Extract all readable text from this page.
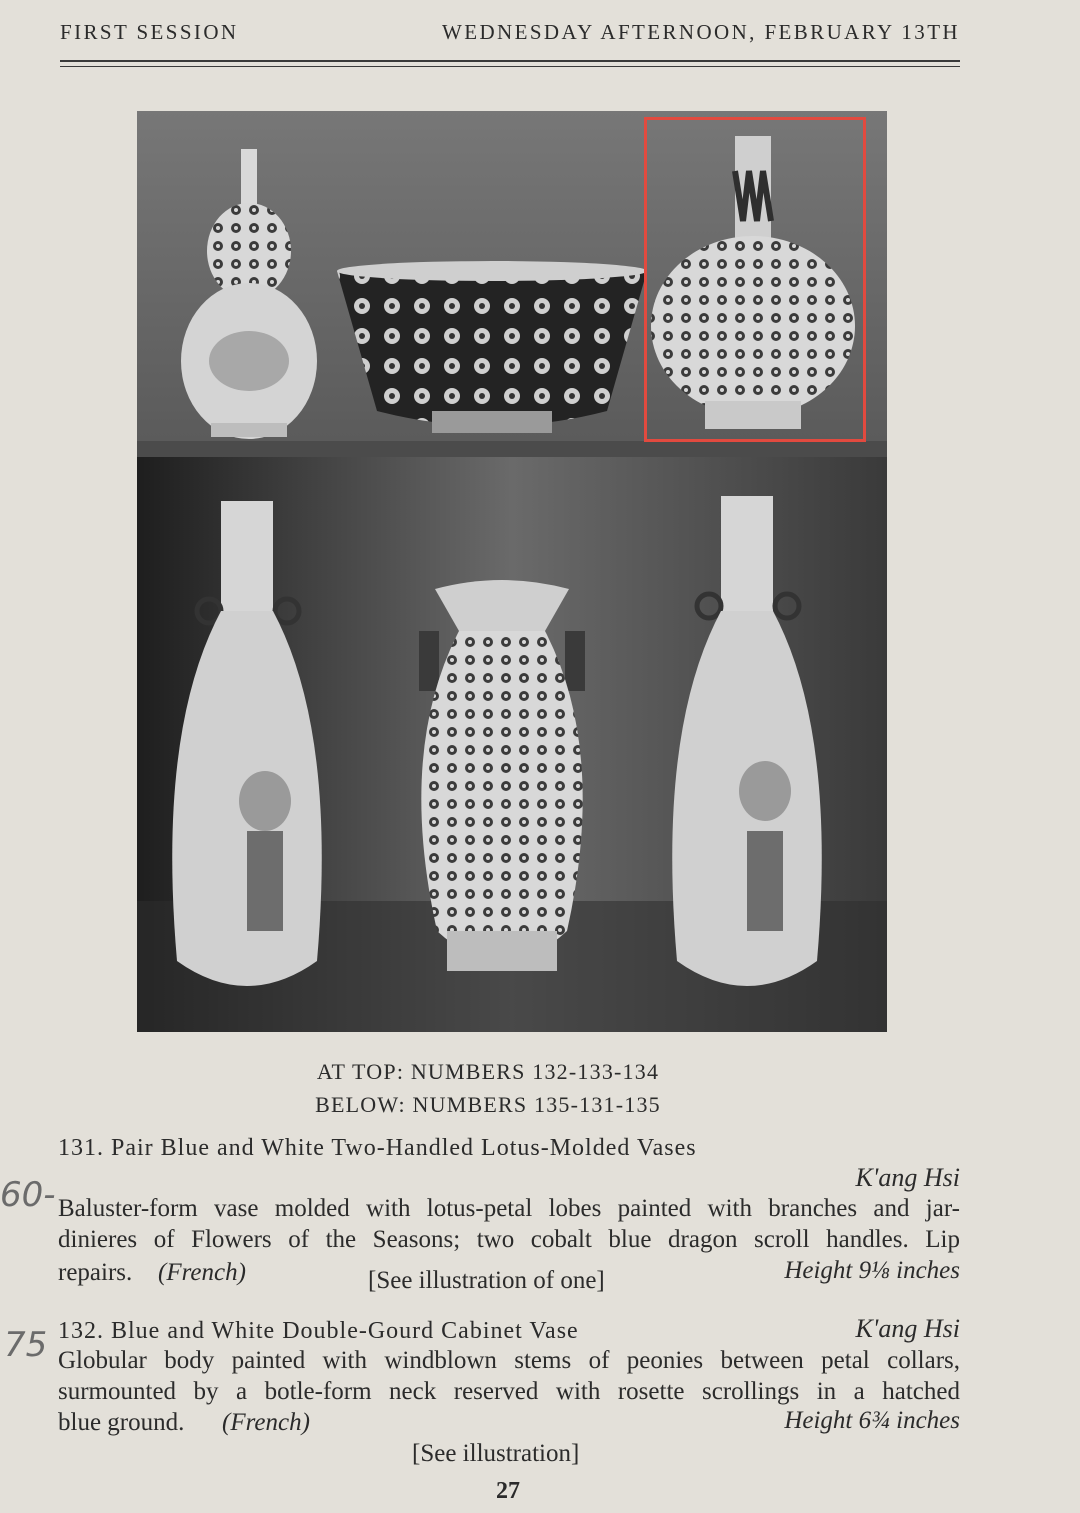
FIRST SESSION	WEDNESDAY AFTERNOON, FEBRUARY 13TH
AT TOP: NUMBERS 132-133-134
BELOW: NUMBERS 135-131-135
60-
131. Pair Blue and White Two-Handled Lotus-Molded Vases
K'ang Hsi
Baluster-form vase molded with lotus-petal lobes painted with branches and jar-
dinieres of Flowers of the Seasons; two cobalt blue dragon scroll handles. Lip
repairs. (French)	[See illustration of one]	Height 9⅛ inches
75 132. Blue and White Double-Gourd Cabinet Vase	K'ang Hsi
Globular body painted with windblown stems of peonies between petal collars,
surmounted by a botle-form neck reserved with rosette scrollings in a hatched
blue ground. (French)	Height 6¾ inches
[See illustration]
27
